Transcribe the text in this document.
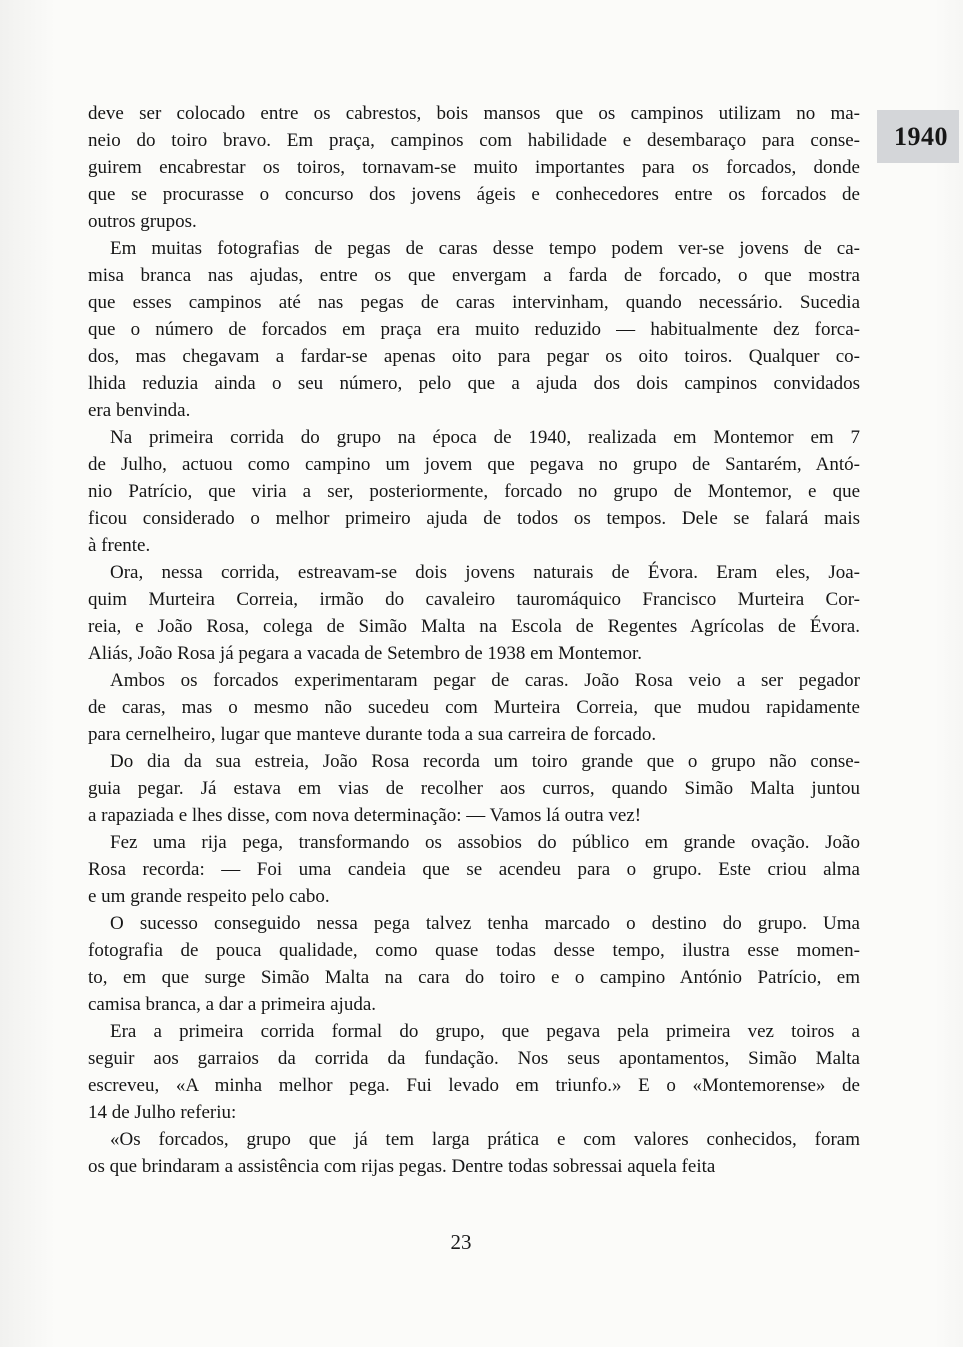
1940
deve ser colocado entre os cabrestos, bois mansos que os campinos utilizam no ma-
neio do toiro bravo. Em praça, campinos com habilidade e desembaraço para conse-
guirem encabrestar os toiros, tornavam-se muito importantes para os forcados, donde
que se procurasse o concurso dos jovens ágeis e conhecedores entre os forcados de
outros grupos.
Em muitas fotografias de pegas de caras desse tempo podem ver-se jovens de ca-
misa branca nas ajudas, entre os que envergam a farda de forcado, o que mostra
que esses campinos até nas pegas de caras intervinham, quando necessário. Sucedia
que o número de forcados em praça era muito reduzido — habitualmente dez forca-
dos, mas chegavam a fardar-se apenas oito para pegar os oito toiros. Qualquer co-
lhida reduzia ainda o seu número, pelo que a ajuda dos dois campinos convidados
era benvinda.
Na primeira corrida do grupo na época de 1940, realizada em Montemor em 7
de Julho, actuou como campino um jovem que pegava no grupo de Santarém, Antó-
nio Patrício, que viria a ser, posteriormente, forcado no grupo de Montemor, e que
ficou considerado o melhor primeiro ajuda de todos os tempos. Dele se falará mais
à frente.
Ora, nessa corrida, estreavam-se dois jovens naturais de Évora. Eram eles, Joa-
quim Murteira Correia, irmão do cavaleiro tauromáquico Francisco Murteira Cor-
reia, e João Rosa, colega de Simão Malta na Escola de Regentes Agrícolas de Évora.
Aliás, João Rosa já pegara a vacada de Setembro de 1938 em Montemor.
Ambos os forcados experimentaram pegar de caras. João Rosa veio a ser pegador
de caras, mas o mesmo não sucedeu com Murteira Correia, que mudou rapidamente
para cernelheiro, lugar que manteve durante toda a sua carreira de forcado.
Do dia da sua estreia, João Rosa recorda um toiro grande que o grupo não conse-
guia pegar. Já estava em vias de recolher aos curros, quando Simão Malta juntou
a rapaziada e lhes disse, com nova determinação: — Vamos lá outra vez!
Fez uma rija pega, transformando os assobios do público em grande ovação. João
Rosa recorda: — Foi uma candeia que se acendeu para o grupo. Este criou alma
e um grande respeito pelo cabo.
O sucesso conseguido nessa pega talvez tenha marcado o destino do grupo. Uma
fotografia de pouca qualidade, como quase todas desse tempo, ilustra esse momen-
to, em que surge Simão Malta na cara do toiro e o campino António Patrício, em
camisa branca, a dar a primeira ajuda.
Era a primeira corrida formal do grupo, que pegava pela primeira vez toiros a
seguir aos garraios da corrida da fundação. Nos seus apontamentos, Simão Malta
escreveu, «A minha melhor pega. Fui levado em triunfo.» E o «Montemorense» de
14 de Julho referiu:
«Os forcados, grupo que já tem larga prática e com valores conhecidos, foram
os que brindaram a assistência com rijas pegas. Dentre todas sobressai aquela feita
23
